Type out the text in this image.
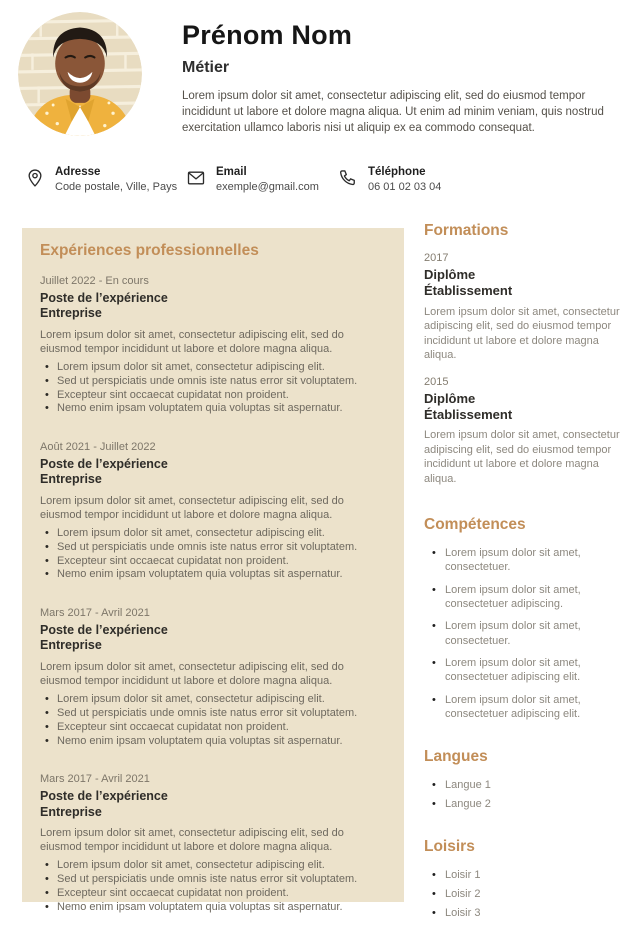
Prénom Nom
Métier
Lorem ipsum dolor sit amet, consectetur adipiscing elit, sed do eiusmod tempor incididunt ut labore et dolore magna aliqua. Ut enim ad minim veniam, quis nostrud exercitation ullamco laboris nisi ut aliquip ex ea commodo consequat.
Adresse
Code postale, Ville, Pays
Email
exemple@gmail.com
Téléphone
06 01 02 03 04
Expériences professionnelles
Juillet 2022 - En cours
Poste de l’expérience
Entreprise
Lorem ipsum dolor sit amet, consectetur adipiscing elit, sed do eiusmod tempor incididunt ut labore et dolore magna aliqua.
• Lorem ipsum dolor sit amet, consectetur adipiscing elit.
• Sed ut perspiciatis unde omnis iste natus error sit voluptatem.
• Excepteur sint occaecat cupidatat non proident.
• Nemo enim ipsam voluptatem quia voluptas sit aspernatur.
Août 2021 - Juillet 2022
Poste de l’expérience
Entreprise
Lorem ipsum dolor sit amet, consectetur adipiscing elit, sed do eiusmod tempor incididunt ut labore et dolore magna aliqua.
• Lorem ipsum dolor sit amet, consectetur adipiscing elit.
• Sed ut perspiciatis unde omnis iste natus error sit voluptatem.
• Excepteur sint occaecat cupidatat non proident.
• Nemo enim ipsam voluptatem quia voluptas sit aspernatur.
Mars 2017 - Avril 2021
Poste de l’expérience
Entreprise
Lorem ipsum dolor sit amet, consectetur adipiscing elit, sed do eiusmod tempor incididunt ut labore et dolore magna aliqua.
• Lorem ipsum dolor sit amet, consectetur adipiscing elit.
• Sed ut perspiciatis unde omnis iste natus error sit voluptatem.
• Excepteur sint occaecat cupidatat non proident.
• Nemo enim ipsam voluptatem quia voluptas sit aspernatur.
Mars 2017 - Avril 2021
Poste de l’expérience
Entreprise
Lorem ipsum dolor sit amet, consectetur adipiscing elit, sed do eiusmod tempor incididunt ut labore et dolore magna aliqua.
• Lorem ipsum dolor sit amet, consectetur adipiscing elit.
• Sed ut perspiciatis unde omnis iste natus error sit voluptatem.
• Excepteur sint occaecat cupidatat non proident.
• Nemo enim ipsam voluptatem quia voluptas sit aspernatur.
Formations
2017
Diplôme
Établissement
Lorem ipsum dolor sit amet, consectetur adipiscing elit, sed do eiusmod tempor incididunt ut labore et dolore magna aliqua.
2015
Diplôme
Établissement
Lorem ipsum dolor sit amet, consectetur adipiscing elit, sed do eiusmod tempor incididunt ut labore et dolore magna aliqua.
Compétences
• Lorem ipsum dolor sit amet, consectetuer.
• Lorem ipsum dolor sit amet, consectetuer adipiscing.
• Lorem ipsum dolor sit amet, consectetuer.
• Lorem ipsum dolor sit amet, consectetuer adipiscing elit.
• Lorem ipsum dolor sit amet, consectetuer adipiscing elit.
Langues
• Langue 1
• Langue 2
Loisirs
• Loisir 1
• Loisir 2
• Loisir 3
